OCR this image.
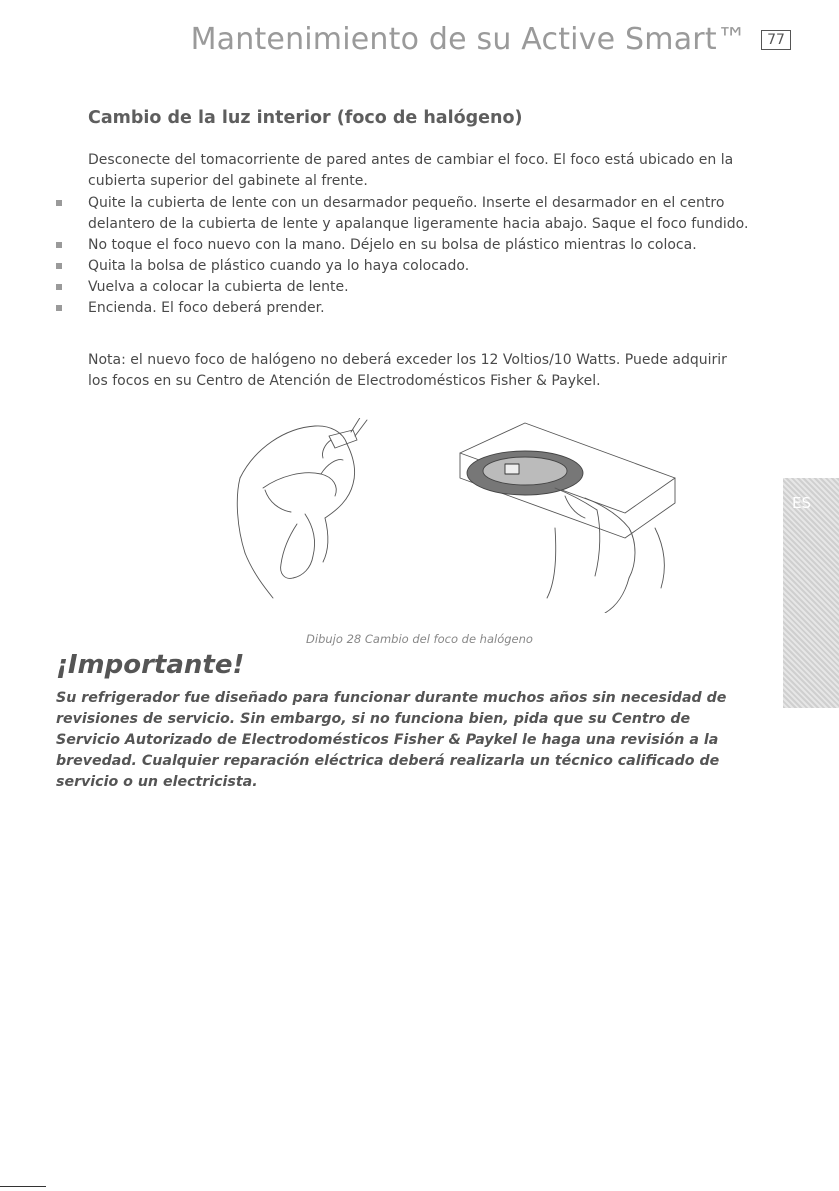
Mantenimiento de su Active Smart™	77
Cambio de la luz interior (foco de halógeno)
Desconecte del tomacorriente de pared antes de cambiar el foco. El foco está ubicado en la cubierta superior del gabinete al frente.
Quite la cubierta de lente con un desarmador pequeño. Inserte el desarmador en el centro delantero de la cubierta de lente y apalanque ligeramente hacia abajo. Saque el foco fundido.
No toque el foco nuevo con la mano. Déjelo en su bolsa de plástico mientras lo coloca.
Quita la bolsa de plástico cuando ya lo haya colocado.
Vuelva a colocar la cubierta de lente.
Encienda. El foco deberá prender.
Nota: el nuevo foco de halógeno no deberá exceder los 12 Voltios/10 Watts. Puede adquirir los focos en su Centro de Atención de Electrodomésticos Fisher & Paykel.
Dibujo 28 Cambio del foco de halógeno
¡Importante!
Su refrigerador fue diseñado para funcionar durante muchos años sin necesidad de revisiones de servicio. Sin embargo, si no funciona bien, pida que su Centro de Servicio Autorizado de Electrodomésticos Fisher & Paykel le haga una revisión a la brevedad. Cualquier reparación eléctrica deberá realizarla un técnico calificado de servicio o un electricista.
ES
